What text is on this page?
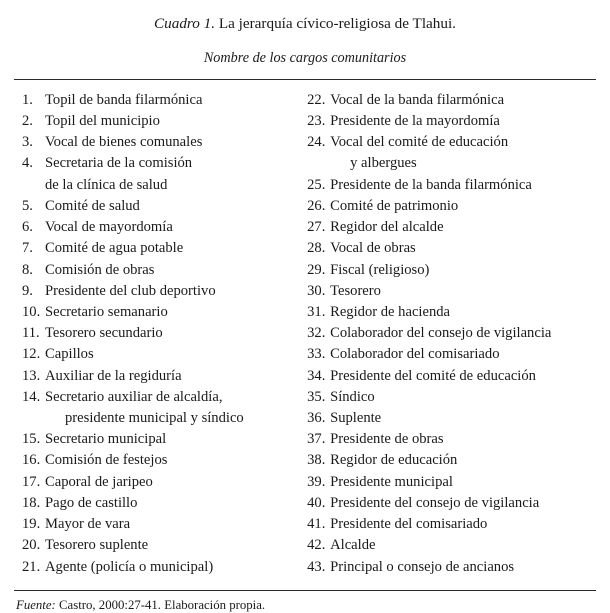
Cuadro 1. La jerarquía cívico-religiosa de Tlahui.
Nombre de los cargos comunitarios
1. Topil de banda filarmónica
2. Topil del municipio
3. Vocal de bienes comunales
4. Secretaria de la comisión
de la clínica de salud
5. Comité de salud
6. Vocal de mayordomía
7. Comité de agua potable
8. Comisión de obras
9. Presidente del club deportivo
10. Secretario semanario
11. Tesorero secundario
12. Capillos
13. Auxiliar de la regiduría
14. Secretario auxiliar de alcaldía,
presidente municipal y síndico
15. Secretario municipal
16. Comisión de festejos
17. Caporal de jaripeo
18. Pago de castillo
19. Mayor de vara
20. Tesorero suplente
21. Agente (policía o municipal)
22. Vocal de la banda filarmónica
23. Presidente de la mayordomía
24. Vocal del comité de educación
y albergues
25. Presidente de la banda filarmónica
26. Comité de patrimonio
27. Regidor del alcalde
28. Vocal de obras
29. Fiscal (religioso)
30. Tesorero
31. Regidor de hacienda
32. Colaborador del consejo de vigilancia
33. Colaborador del comisariado
34. Presidente del comité de educación
35. Síndico
36. Suplente
37. Presidente de obras
38. Regidor de educación
39. Presidente municipal
40. Presidente del consejo de vigilancia
41. Presidente del comisariado
42. Alcalde
43. Principal o consejo de ancianos
Fuente: Castro, 2000:27-41. Elaboración propia.
